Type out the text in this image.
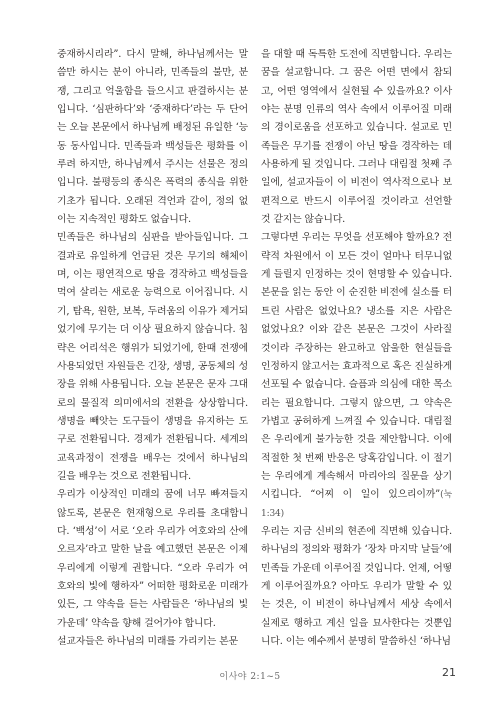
중재하시리라”. 다시 말해, 하나님께서는 말씀만 하시는 분이 아니라, 민족들의 불만, 분쟁, 그리고 억울함을 들으시고 판결하시는 분입니다. ‘심판하다’와 ‘중재하다’라는 두 단어는 오늘 본문에서 하나님께 배정된 유일한 ‘능동 동사입니다. 민족들과 백성들은 평화를 이루려 하지만, 하나님께서 주시는 선물은 정의입니다. 불평등의 종식은 폭력의 종식을 위한 기초가 됩니다. 오래된 격언과 같이, 정의 없이는 지속적인 평화도 없습니다.

민족들은 하나님의 심판을 받아들입니다. 그 결과로 유일하게 언급된 것은 무기의 해체이며, 이는 평연적으로 땅을 경작하고 백성들을 먹여 살리는 새로운 능력으로 이어집니다. 시기, 탐욕, 원한, 보복, 두려움의 이유가 제거되었기에 무기는 더 이상 필요하지 않습니다. 침략은 어리석은 행위가 되었기에, 한때 전쟁에 사용되었던 자원들은 긴장, 생명, 공동체의 성장을 위해 사용됩니다. 오늘 본문은 문자 그대로의 물질적 의미에서의 전환을 상상합니다. 생명을 빼앗는 도구들이 생명을 유지하는 도구로 전환됩니다. 경제가 전환됩니다. 세계의 교육과정이 전쟁을 배우는 것에서 하나님의 길을 배우는 것으로 전환됩니다.

우리가 이상적인 미래의 꿈에 너무 빠져들지 않도록, 본문은 현재형으로 우리를 초대합니다. ‘백성’이 서로 ‘오라 우리가 여호와의 산에 오르자’라고 말한 날을 예고했던 본문은 이제 우리에게 이렇게 권합니다. “오라 우리가 여호와의 빛에 행하자” 어떠한 평화로운 미래가 있든, 그 약속을 듣는 사람들은 ‘하나님의 빛 가운데’ 약속을 향해 걸어가야 합니다.

설교자들은 하나님의 미래를 가리키는 본문

을 대할 때 독특한 도전에 직면합니다. 우리는 꿈을 설교합니다. 그 꿈은 어떤 면에서 참되고, 어떤 영역에서 실현될 수 있을까요? 이사야는 분명 인류의 역사 속에서 이루어질 미래의 경이로움을 선포하고 있습니다. 설교로 민족들은 무기를 전쟁이 아닌 땅을 경작하는 데 사용하게 될 것입니다. 그러나 대림절 첫째 주일에, 설교자들이 이 비전이 역사적으로나 보편적으로 반드시 이루어질 것이라고 선언할 것 같지는 않습니다.

그렇다면 우리는 무엇을 선포해야 할까요? 전략적 차원에서 이 모든 것이 얼마나 터무니없게 들릴지 인정하는 것이 현명할 수 있습니다. 본문을 읽는 동안 이 순진한 비전에 실소를 터트린 사람은 없었나요? 냉소를 지은 사람은 없었나요? 이와 같은 본문은 그것이 사라질 것이라 주장하는 완고하고 암울한 현실들을 인정하지 않고서는 효과적으로 혹은 진실하게 선포될 수 없습니다. 슬픔과 의심에 대한 목소리는 필요합니다. 그렇지 않으면, 그 약속은 가볍고 공허하게 느껴질 수 있습니다. 대림절은 우리에게 불가능한 것을 제안합니다. 이에 적절한 첫 번째 반응은 당혹감입니다. 이 절기는 우리에게 계속해서 마리아의 질문을 상기시킵니다. “어찌 이 일이 있으리이까”(눅 1:34)

우리는 지금 신비의 현존에 직면해 있습니다. 하나님의 정의와 평화가 ‘장차 마지막 날들’에 민족들 가운데 이루어질 것입니다. 언제, 어떻게 이루어질까요? 아마도 우리가 말할 수 있는 것은, 이 비전이 하나님께서 세상 속에서 실제로 행하고 계신 일을 묘사한다는 것뿐입니다. 이는 예수께서 분명히 말씀하신 ‘하나님

이사야 2:1~5	21
